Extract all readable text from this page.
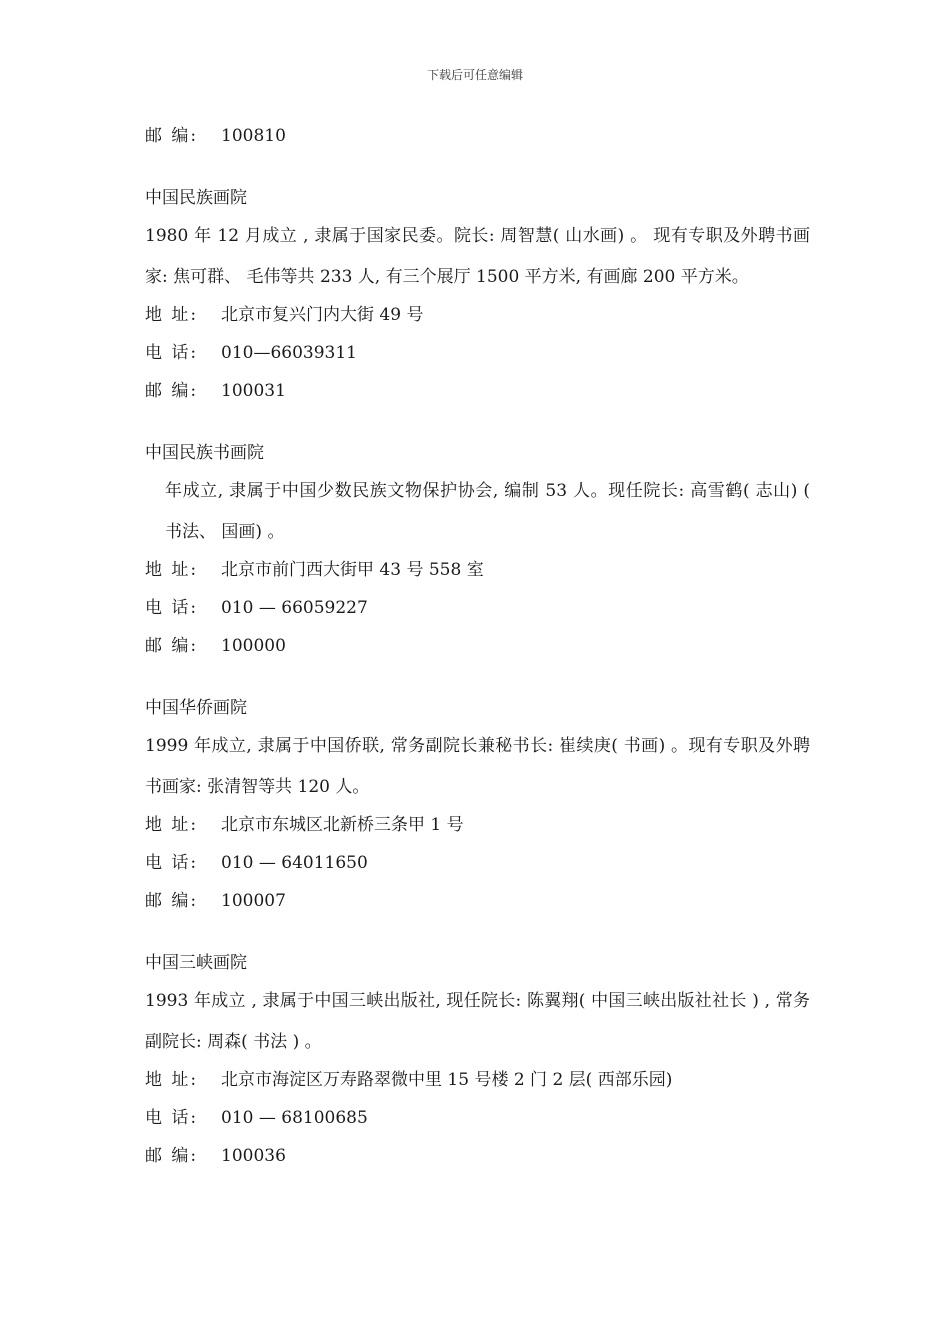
下载后可任意编辑
邮 编: 100810
中国民族画院
1980 年 12 月成立 , 隶属于国家民委。院长: 周智慧( 山水画) 。 现有专职及外聘书画家: 焦可群、 毛伟等共 233 人, 有三个展厅 1500 平方米, 有画廊 200 平方米。
地 址: 北京市复兴门内大街 49 号
电 话: 010—66039311
邮 编: 100031
中国民族书画院
年成立, 隶属于中国少数民族文物保护协会, 编制 53 人。现任院长: 高雪鹤( 志山) ( 书法、 国画) 。
地 址: 北京市前门西大街甲 43 号 558 室
电 话: 010 — 66059227
邮 编: 100000
中国华侨画院
1999 年成立, 隶属于中国侨联, 常务副院长兼秘书长: 崔续庚( 书画) 。现有专职及外聘书画家: 张清智等共 120 人。
地 址: 北京市东城区北新桥三条甲 1 号
电 话: 010 — 64011650
邮 编: 100007
中国三峡画院
1993 年成立 , 隶属于中国三峡出版社, 现任院长: 陈翼翔( 中国三峡出版社社长 ) , 常务副院长: 周森( 书法 ) 。
地 址: 北京市海淀区万寿路翠微中里 15 号楼 2 门 2 层( 西部乐园)
电 话: 010 — 68100685
邮 编: 100036
